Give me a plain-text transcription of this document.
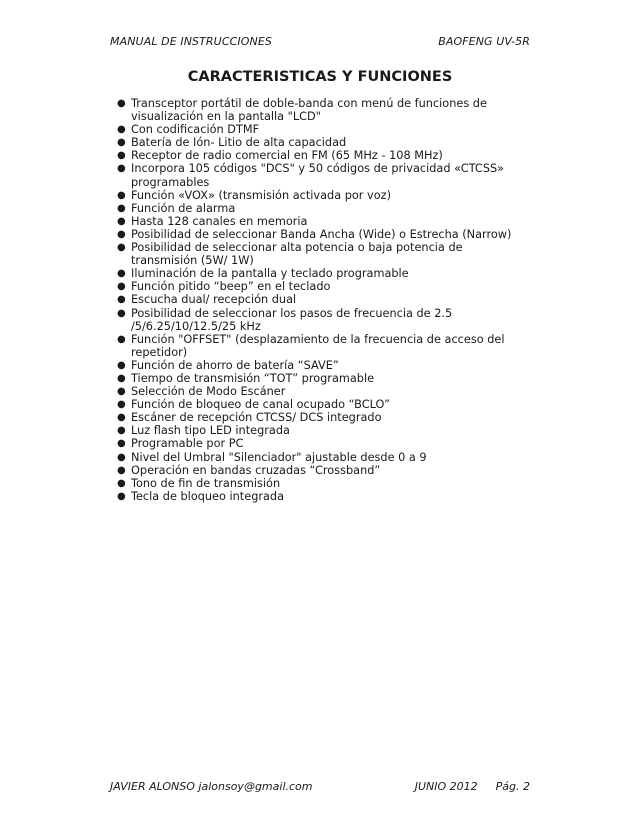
MANUAL DE INSTRUCCIONES	BAOFENG UV-5R
CARACTERISTICAS Y FUNCIONES
● Transceptor portátil de doble-banda con menú de funciones de visualización en la pantalla "LCD"
● Con codificación DTMF
● Batería de Ión- Litio de alta capacidad
● Receptor de radio comercial en FM (65 MHz - 108 MHz)
● Incorpora 105 códigos "DCS" y 50 códigos de privacidad «CTCSS» programables
● Función «VOX» (transmisión activada por voz)
● Función de alarma
● Hasta 128 canales en memoria
● Posibilidad de seleccionar Banda Ancha (Wide) o Estrecha (Narrow)
● Posibilidad de seleccionar alta potencia o baja potencia de transmisión (5W/ 1W)
● Iluminación de la pantalla y teclado programable
● Función pitido “beep” en el teclado
● Escucha dual/ recepción dual
● Posibilidad de seleccionar los pasos de frecuencia de 2.5 /5/6.25/10/12.5/25 kHz
● Función "OFFSET" (desplazamiento de la frecuencia de acceso del repetidor)
● Función de ahorro de batería “SAVE”
● Tiempo de transmisión “TOT” programable
● Selección de Modo Escáner
● Función de bloqueo de canal ocupado “BCLO”
● Escáner de recepción CTCSS/ DCS integrado
● Luz flash tipo LED integrada
● Programable por PC
● Nivel del Umbral "Silenciador" ajustable desde 0 a 9
● Operación en bandas cruzadas “Crossband”
● Tono de fin de transmisión
● Tecla de bloqueo integrada
JAVIER ALONSO jalonsoy@gmail.com	JUNIO 2012 Pág. 2
